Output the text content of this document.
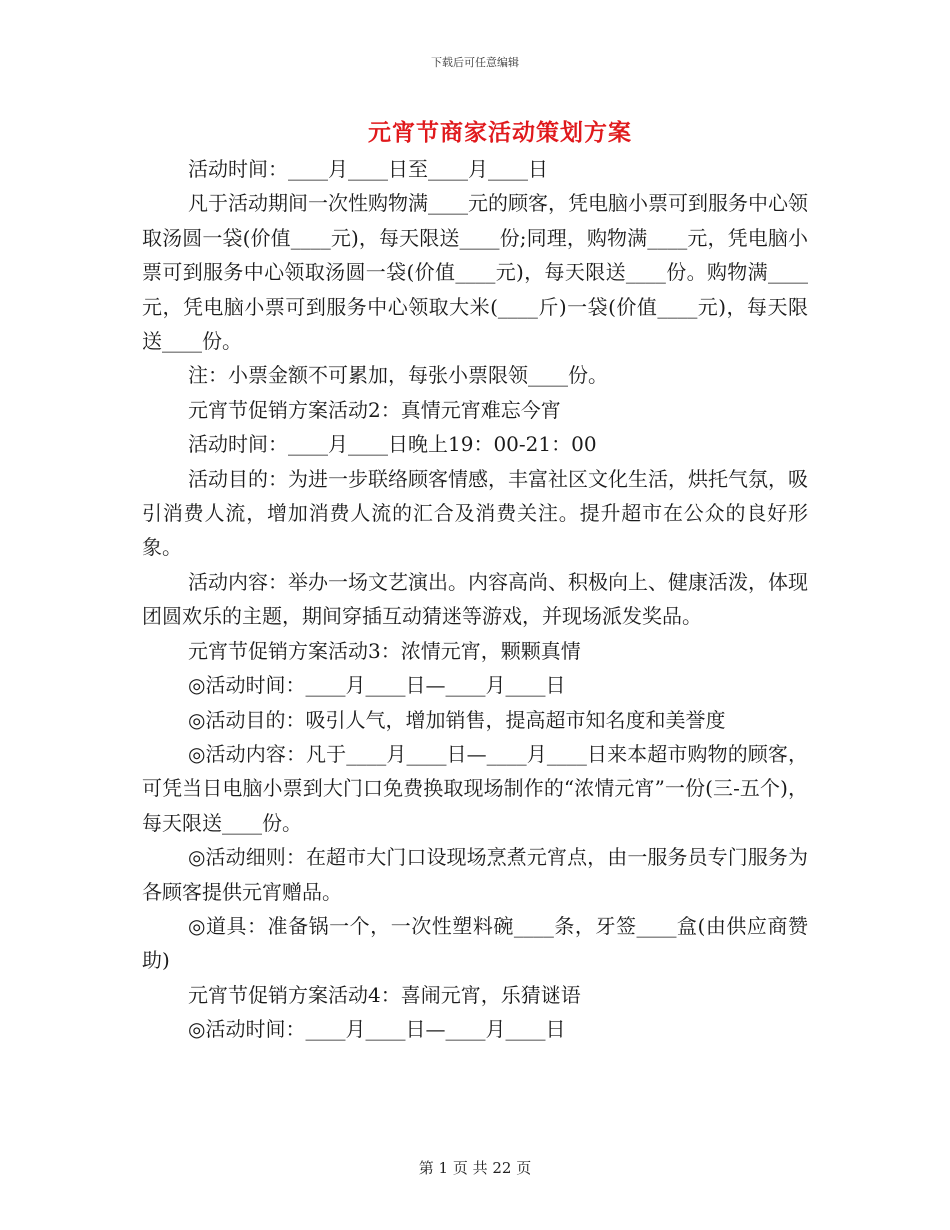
下载后可任意编辑
元宵节商家活动策划方案

活动时间：____月____日至____月____日

凡于活动期间一次性购物满____元的顾客，凭电脑小票可到服务中心领取汤圆一袋(价值____元)，每天限送____份;同理，购物满____元，凭电脑小票可到服务中心领取汤圆一袋(价值____元)，每天限送____份。购物满____元，凭电脑小票可到服务中心领取大米(____斤)一袋(价值____元)，每天限送____份。

注：小票金额不可累加，每张小票限领____份。

元宵节促销方案活动2：真情元宵难忘今宵

活动时间：____月____日晚上19：00-21：00

活动目的：为进一步联络顾客情感，丰富社区文化生活，烘托气氛，吸引消费人流，增加消费人流的汇合及消费关注。提升超市在公众的良好形象。

活动内容：举办一场文艺演出。内容高尚、积极向上、健康活泼，体现团圆欢乐的主题，期间穿插互动猜迷等游戏，并现场派发奖品。

元宵节促销方案活动3：浓情元宵，颗颗真情

◎活动时间：____月____日—____月____日

◎活动目的：吸引人气，增加销售，提高超市知名度和美誉度

◎活动内容：凡于____月____日—____月____日来本超市购物的顾客，可凭当日电脑小票到大门口免费换取现场制作的“浓情元宵”一份(三-五个)，每天限送____份。

◎活动细则：在超市大门口设现场烹煮元宵点，由一服务员专门服务为各顾客提供元宵赠品。

◎道具：准备锅一个，一次性塑料碗____条，牙签____盒(由供应商赞助)

元宵节促销方案活动4：喜闹元宵，乐猜谜语

◎活动时间：____月____日—____月____日

第 1 页 共 22 页
